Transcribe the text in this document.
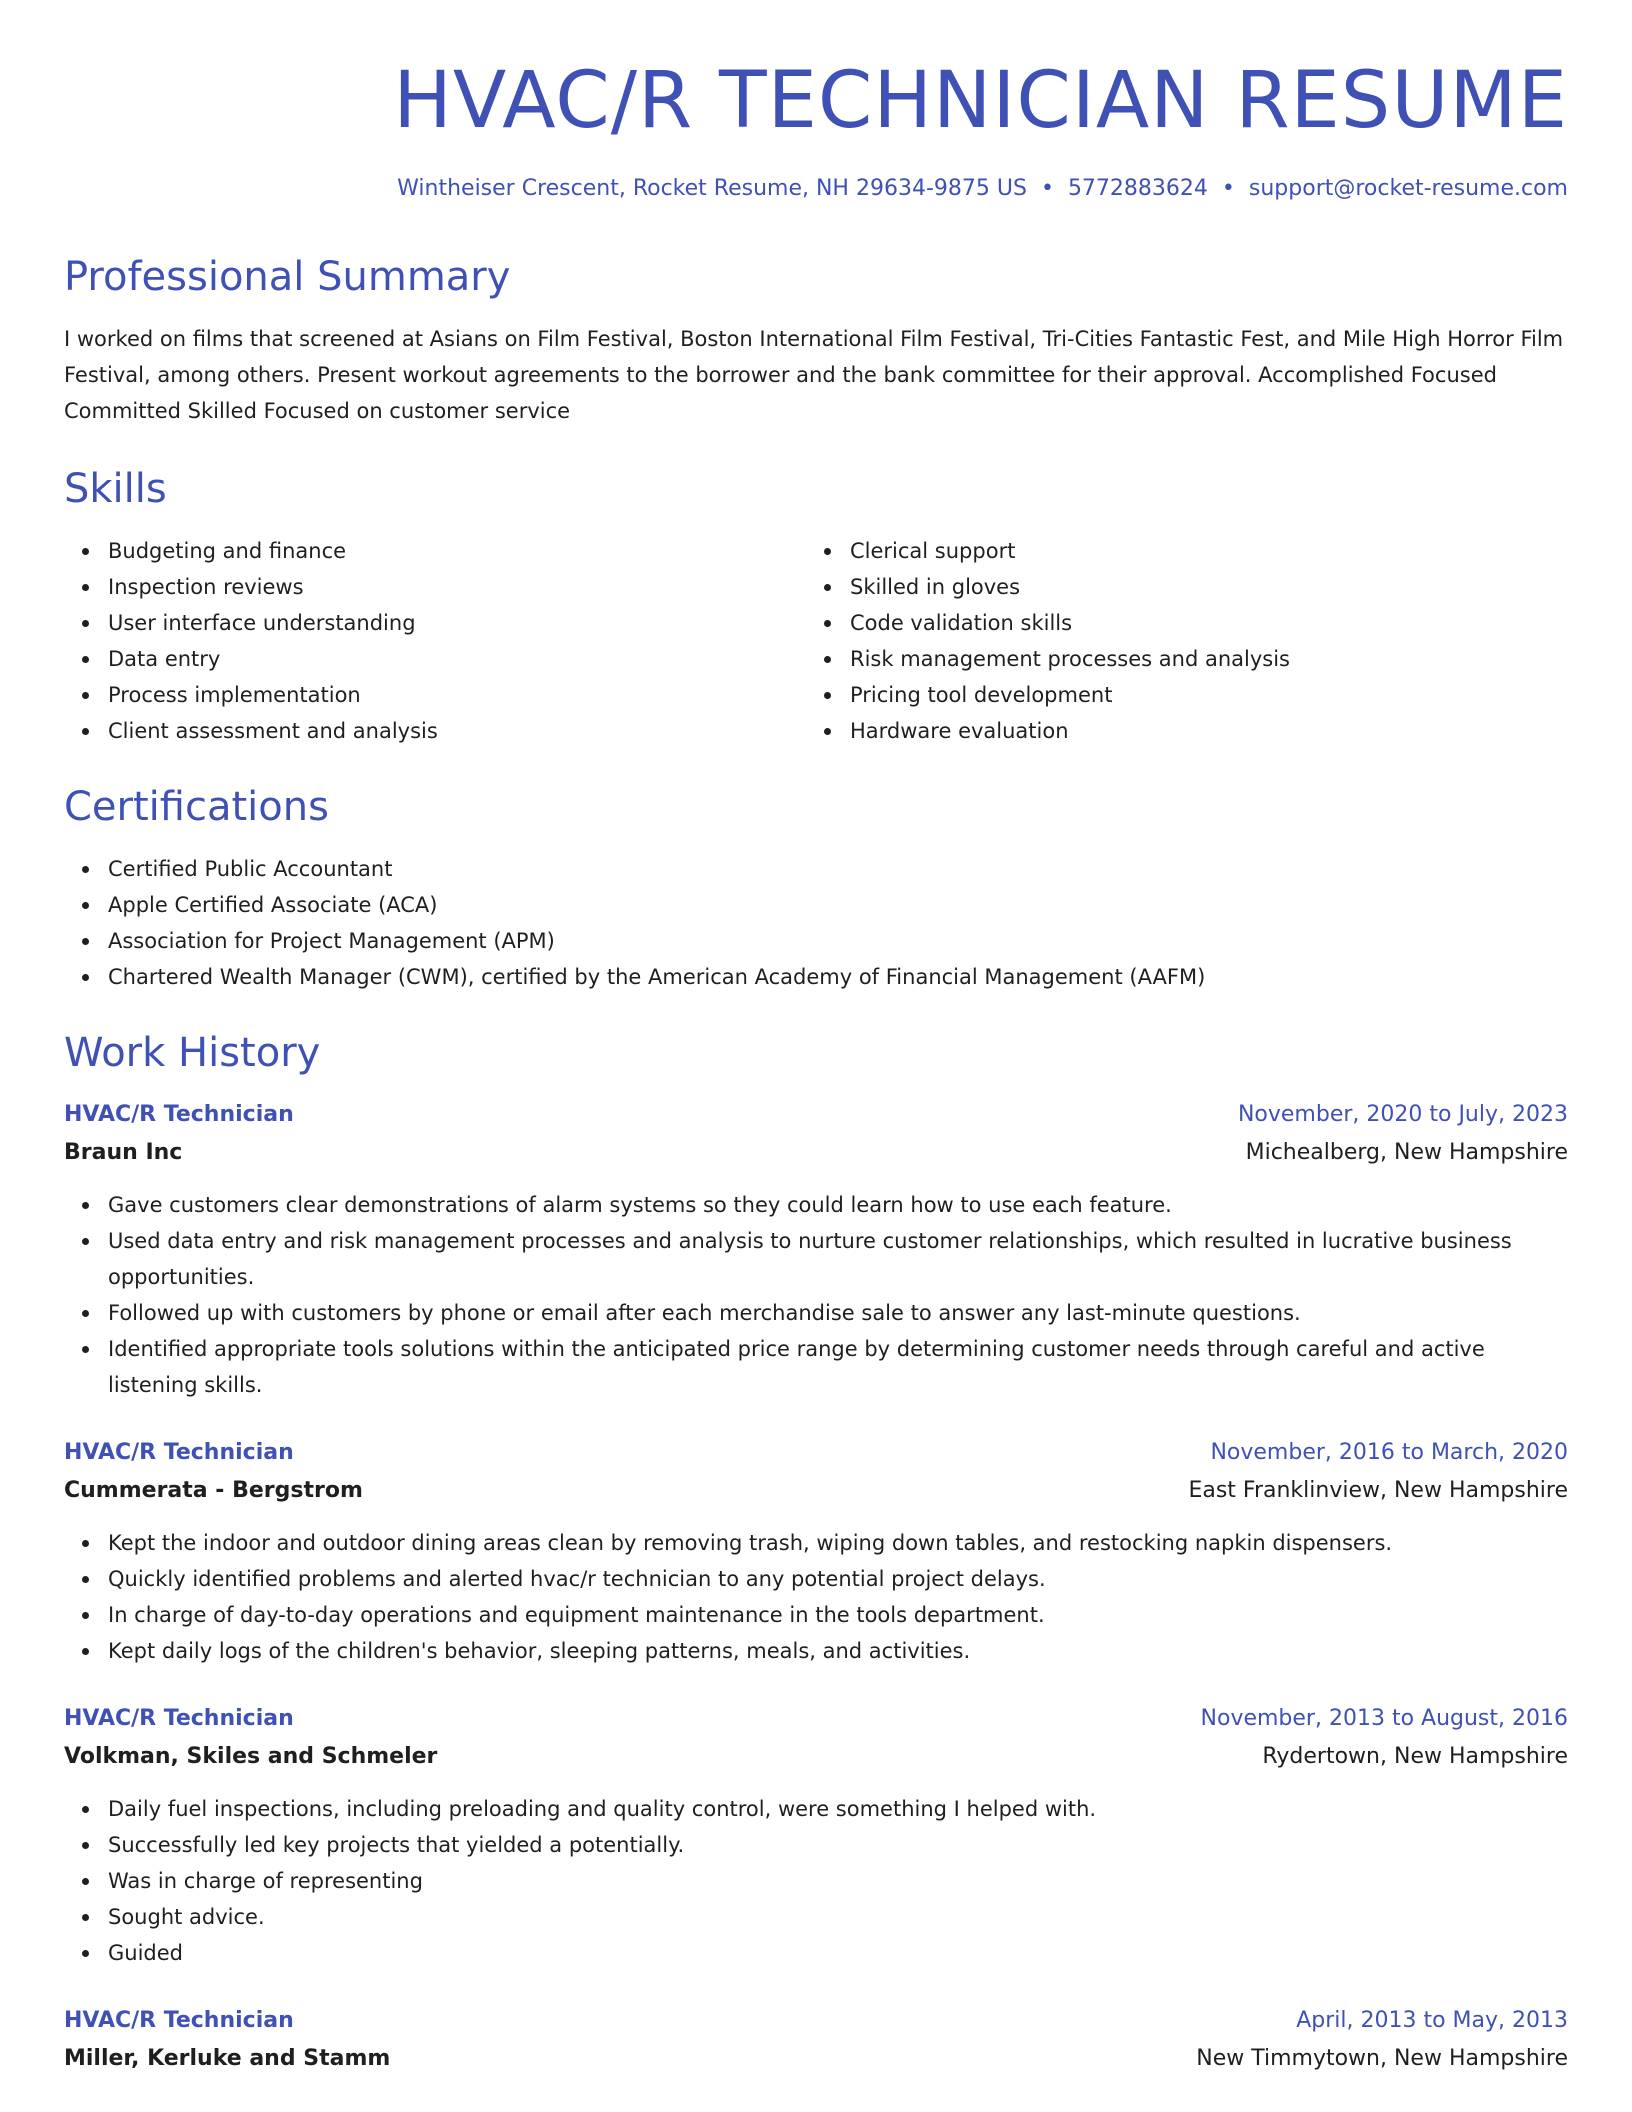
HVAC/R TECHNICIAN RESUME
Wintheiser Crescent, Rocket Resume, NH 29634-9875 US • 5772883624 • support@rocket-resume.com
Professional Summary

I worked on films that screened at Asians on Film Festival, Boston International Film Festival, Tri-Cities Fantastic Fest, and Mile High Horror Film Festival, among others. Present workout agreements to the borrower and the bank committee for their approval. Accomplished Focused Committed Skilled Focused on customer service

Skills
Budgeting and finance
Inspection reviews
User interface understanding
Data entry
Process implementation
Client assessment and analysis
Clerical support
Skilled in gloves
Code validation skills
Risk management processes and analysis
Pricing tool development
Hardware evaluation
Certifications
Certified Public Accountant
Apple Certified Associate (ACA)
Association for Project Management (APM)
Chartered Wealth Manager (CWM), certified by the American Academy of Financial Management (AAFM)
Work History
HVAC/R Technician	November, 2020 to July, 2023
Braun Inc	Michealberg, New Hampshire
Gave customers clear demonstrations of alarm systems so they could learn how to use each feature.
Used data entry and risk management processes and analysis to nurture customer relationships, which resulted in lucrative business opportunities.
Followed up with customers by phone or email after each merchandise sale to answer any last-minute questions.
Identified appropriate tools solutions within the anticipated price range by determining customer needs through careful and active listening skills.
HVAC/R Technician	November, 2016 to March, 2020
Cummerata - Bergstrom	East Franklinview, New Hampshire
Kept the indoor and outdoor dining areas clean by removing trash, wiping down tables, and restocking napkin dispensers.
Quickly identified problems and alerted hvac/r technician to any potential project delays.
In charge of day-to-day operations and equipment maintenance in the tools department.
Kept daily logs of the children's behavior, sleeping patterns, meals, and activities.
HVAC/R Technician	November, 2013 to August, 2016
Volkman, Skiles and Schmeler	Rydertown, New Hampshire
Daily fuel inspections, including preloading and quality control, were something I helped with.
Successfully led key projects that yielded a potentially.
Was in charge of representing
Sought advice.
Guided
HVAC/R Technician	April, 2013 to May, 2013
Miller, Kerluke and Stamm	New Timmytown, New Hampshire
